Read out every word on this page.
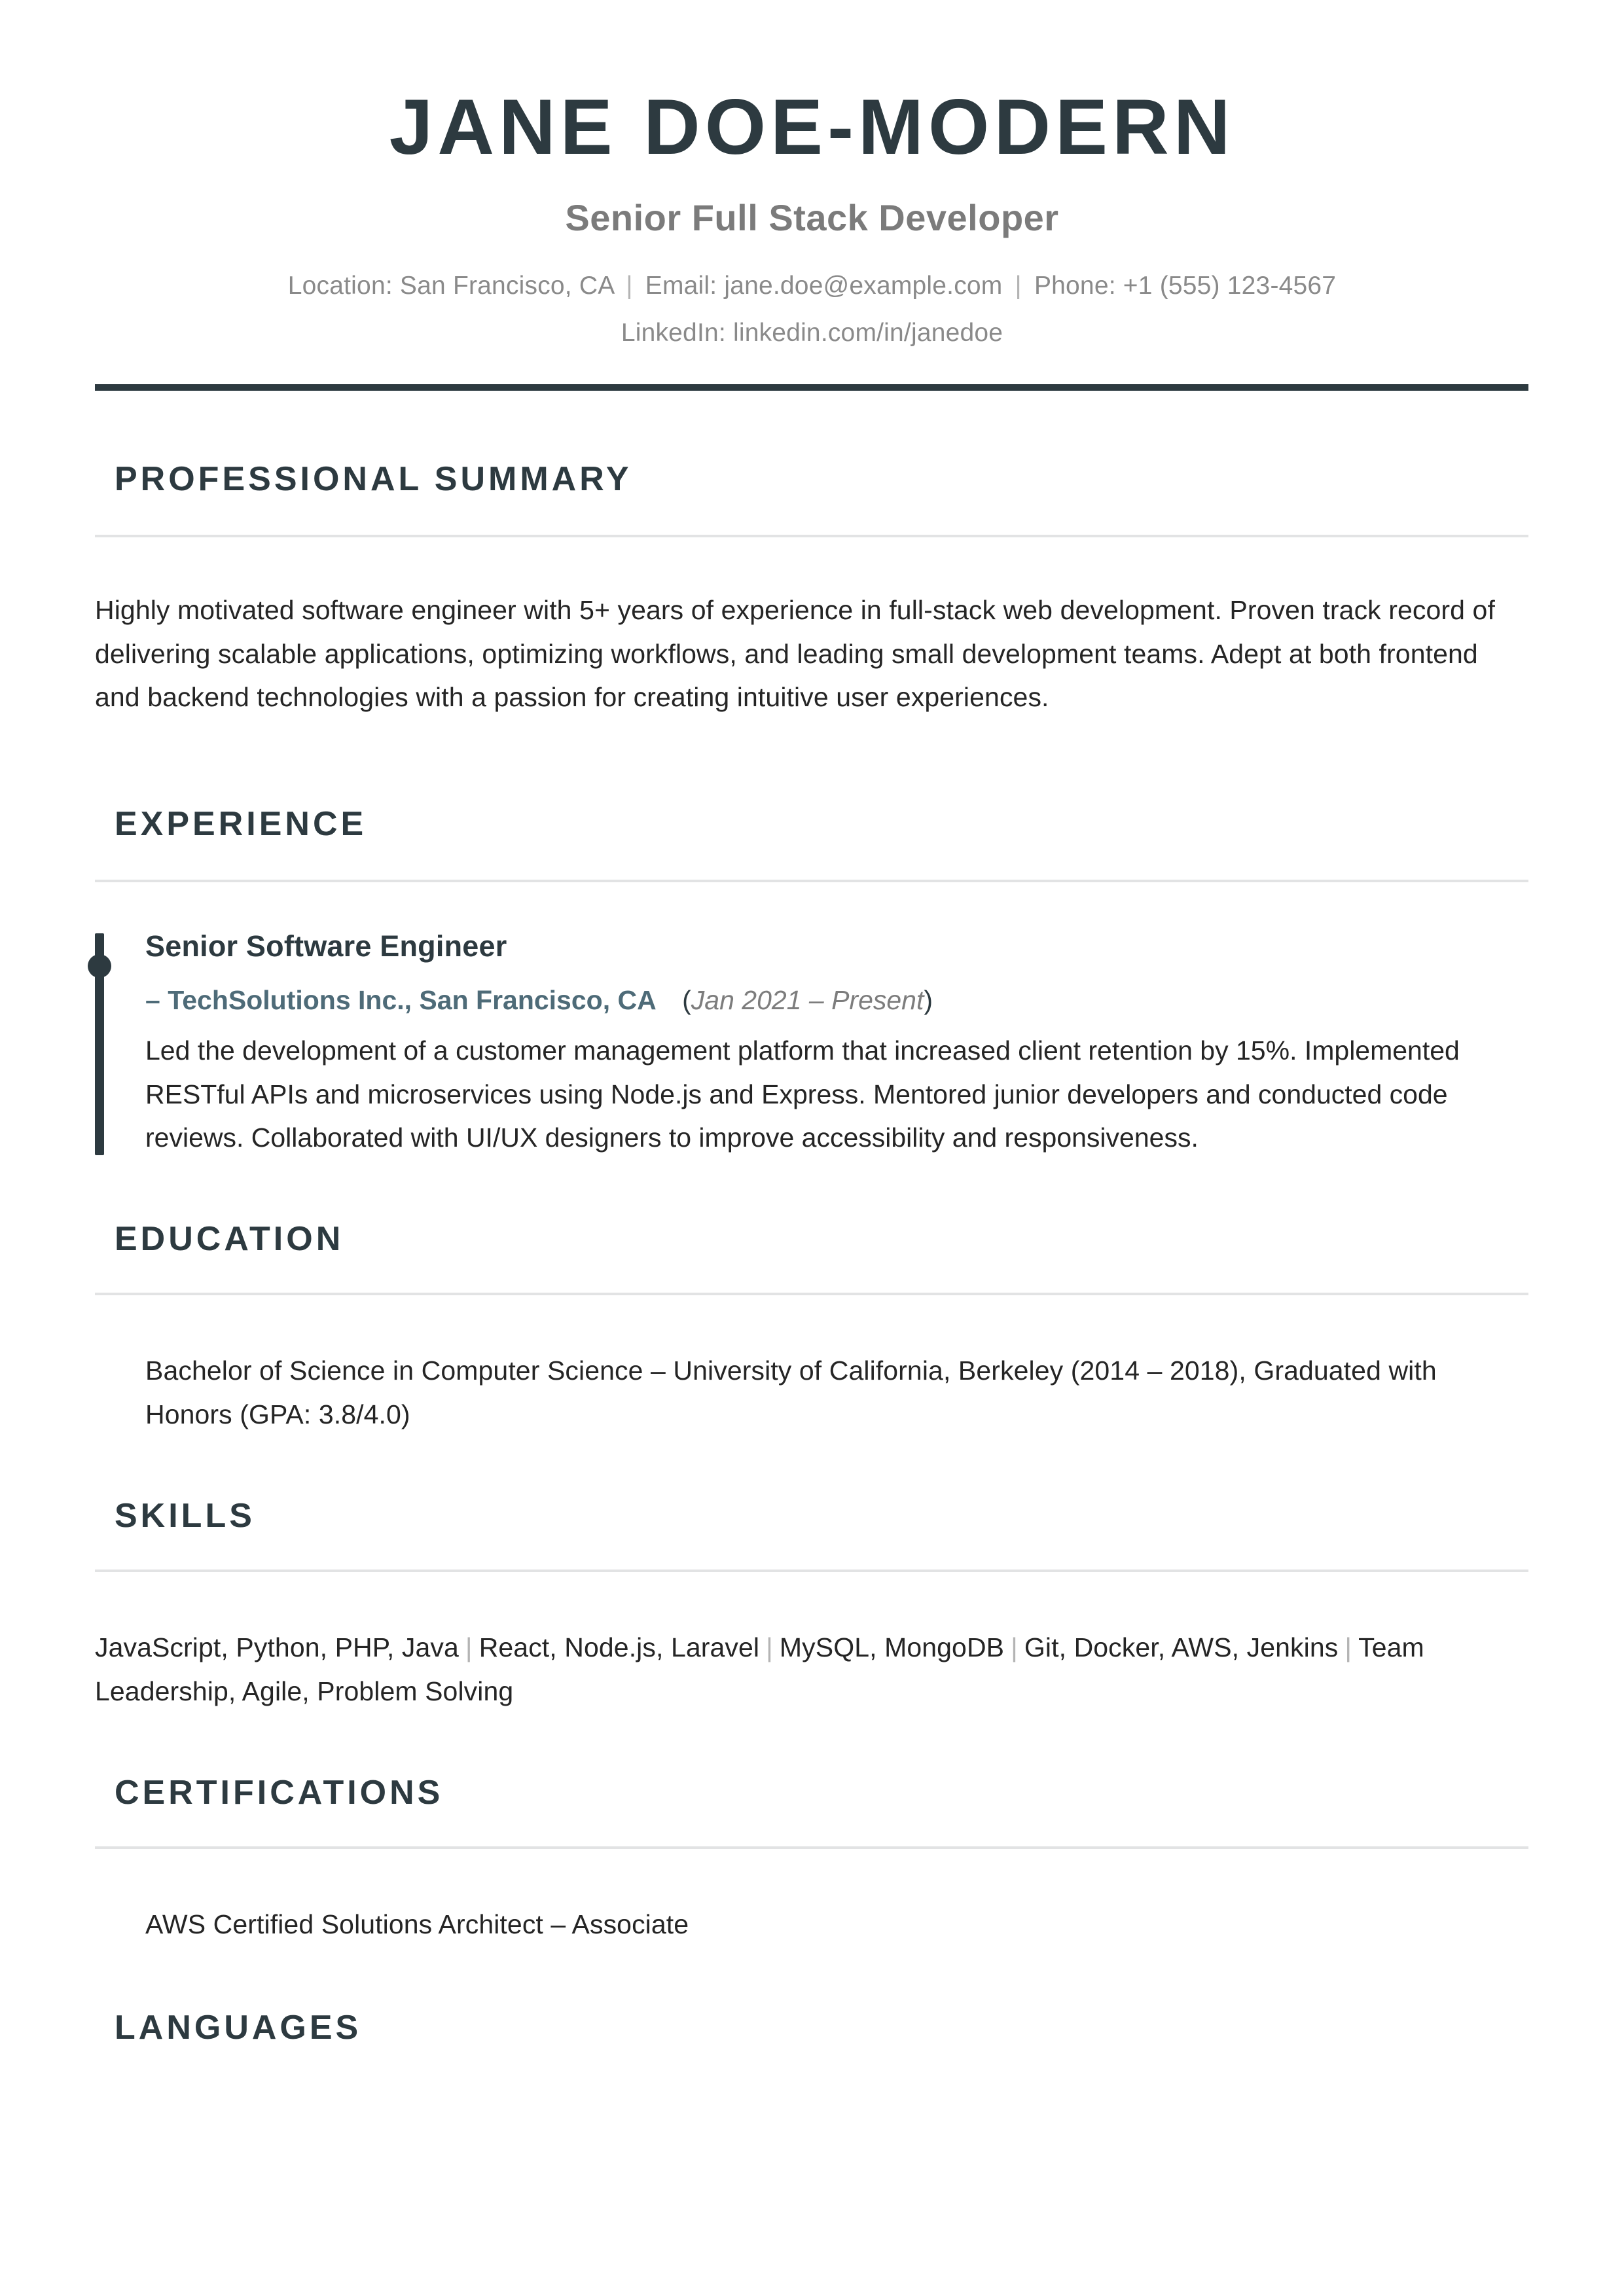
JANE DOE-MODERN
Senior Full Stack Developer
Location: San Francisco, CA | Email: jane.doe@example.com | Phone: +1 (555) 123-4567
LinkedIn: linkedin.com/in/janedoe
PROFESSIONAL SUMMARY
Highly motivated software engineer with 5+ years of experience in full-stack web development. Proven track record of delivering scalable applications, optimizing workflows, and leading small development teams. Adept at both frontend and backend technologies with a passion for creating intuitive user experiences.
EXPERIENCE
Senior Software Engineer
– TechSolutions Inc., San Francisco, CA (Jan 2021 – Present)
Led the development of a customer management platform that increased client retention by 15%. Implemented RESTful APIs and microservices using Node.js and Express. Mentored junior developers and conducted code reviews. Collaborated with UI/UX designers to improve accessibility and responsiveness.
EDUCATION
Bachelor of Science in Computer Science – University of California, Berkeley (2014 – 2018), Graduated with Honors (GPA: 3.8/4.0)
SKILLS
JavaScript, Python, PHP, Java | React, Node.js, Laravel | MySQL, MongoDB | Git, Docker, AWS, Jenkins | Team Leadership, Agile, Problem Solving
CERTIFICATIONS
AWS Certified Solutions Architect – Associate
LANGUAGES
